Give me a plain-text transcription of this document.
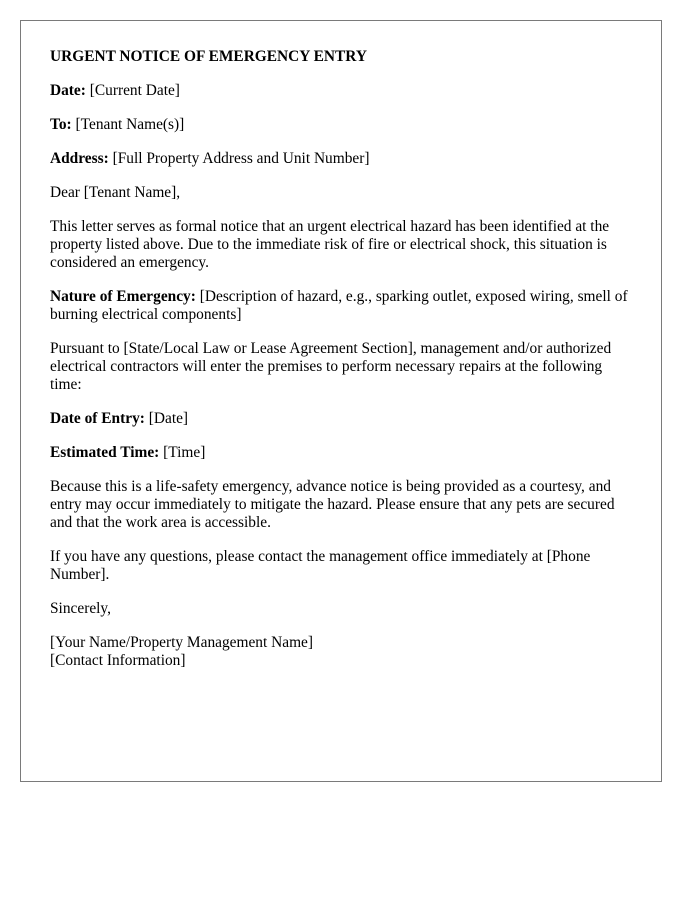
URGENT NOTICE OF EMERGENCY ENTRY

Date: [Current Date]

To: [Tenant Name(s)]

Address: [Full Property Address and Unit Number]

Dear [Tenant Name],

This letter serves as formal notice that an urgent electrical hazard has been identified at the property listed above. Due to the immediate risk of fire or electrical shock, this situation is considered an emergency.

Nature of Emergency: [Description of hazard, e.g., sparking outlet, exposed wiring, smell of burning electrical components]

Pursuant to [State/Local Law or Lease Agreement Section], management and/or authorized electrical contractors will enter the premises to perform necessary repairs at the following time:

Date of Entry: [Date]

Estimated Time: [Time]

Because this is a life-safety emergency, advance notice is being provided as a courtesy, and entry may occur immediately to mitigate the hazard. Please ensure that any pets are secured and that the work area is accessible.

If you have any questions, please contact the management office immediately at [Phone Number].

Sincerely,

[Your Name/Property Management Name]

[Contact Information]
